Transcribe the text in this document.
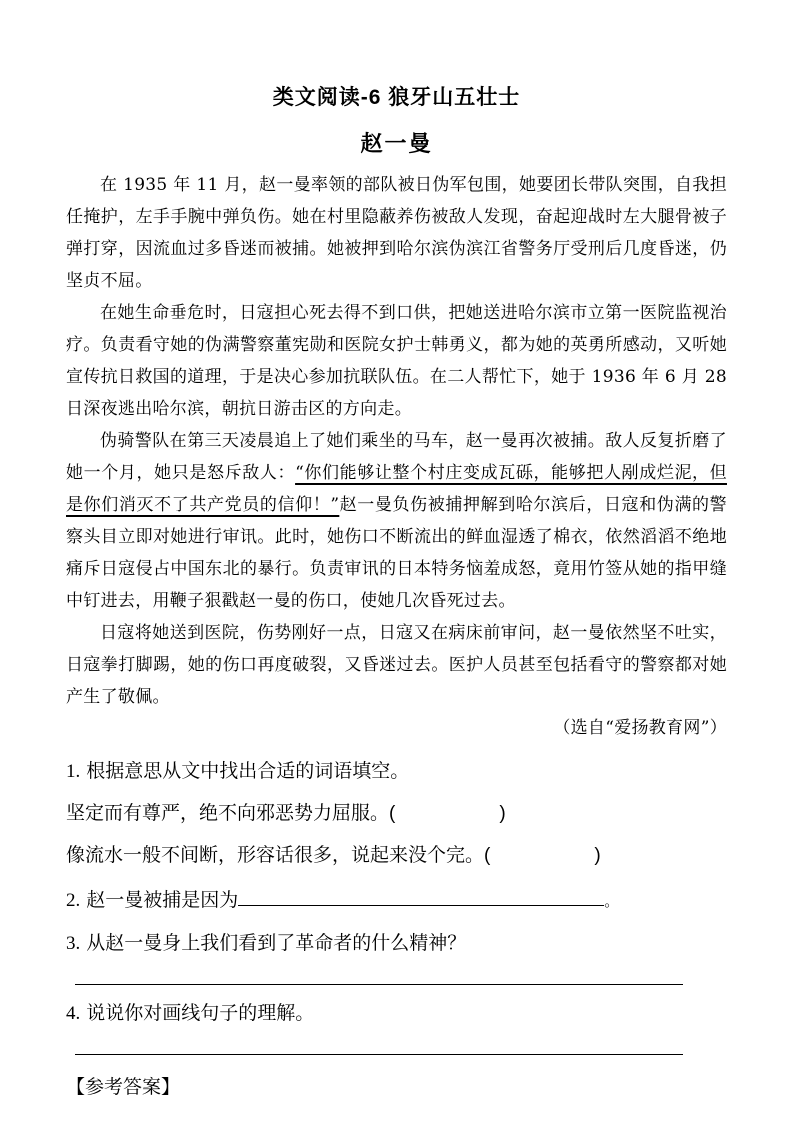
类文阅读-6 狼牙山五壮士
赵一曼

在 1935 年 11 月，赵一曼率领的部队被日伪军包围，她要团长带队突围，自我担任掩护，左手手腕中弹负伤。她在村里隐蔽养伤被敌人发现，奋起迎战时左大腿骨被子弹打穿，因流血过多昏迷而被捕。她被押到哈尔滨伪滨江省警务厅受刑后几度昏迷，仍坚贞不屈。

在她生命垂危时，日寇担心死去得不到口供，把她送进哈尔滨市立第一医院监视治疗。负责看守她的伪满警察董宪勋和医院女护士韩勇义，都为她的英勇所感动，又听她宣传抗日救国的道理，于是决心参加抗联队伍。在二人帮忙下，她于 1936 年 6 月 28 日深夜逃出哈尔滨，朝抗日游击区的方向走。

伪骑警队在第三天凌晨追上了她们乘坐的马车，赵一曼再次被捕。敌人反复折磨了她一个月，她只是怒斥敌人：“你们能够让整个村庄变成瓦砾，能够把人剐成烂泥，但是你们消灭不了共产党员的信仰！”赵一曼负伤被捕押解到哈尔滨后，日寇和伪满的警察头目立即对她进行审讯。此时，她伤口不断流出的鲜血湿透了棉衣，依然滔滔不绝地痛斥日寇侵占中国东北的暴行。负责审讯的日本特务恼羞成怒，竟用竹签从她的指甲缝中钉进去，用鞭子狠戳赵一曼的伤口，使她几次昏死过去。

日寇将她送到医院，伤势刚好一点，日寇又在病床前审问，赵一曼依然坚不吐实，日寇拳打脚踢，她的伤口再度破裂，又昏迷过去。医护人员甚至包括看守的警察都对她产生了敬佩。

（选自“爱扬教育网”）

1. 根据意思从文中找出合适的词语填空。
坚定而有尊严，绝不向邪恶势力屈服。(	)
像流水一般不间断，形容话很多，说起来没个完。(	)
2. 赵一曼被捕是因为	。
3. 从赵一曼身上我们看到了革命者的什么精神？
4. 说说你对画线句子的理解。

【参考答案】
